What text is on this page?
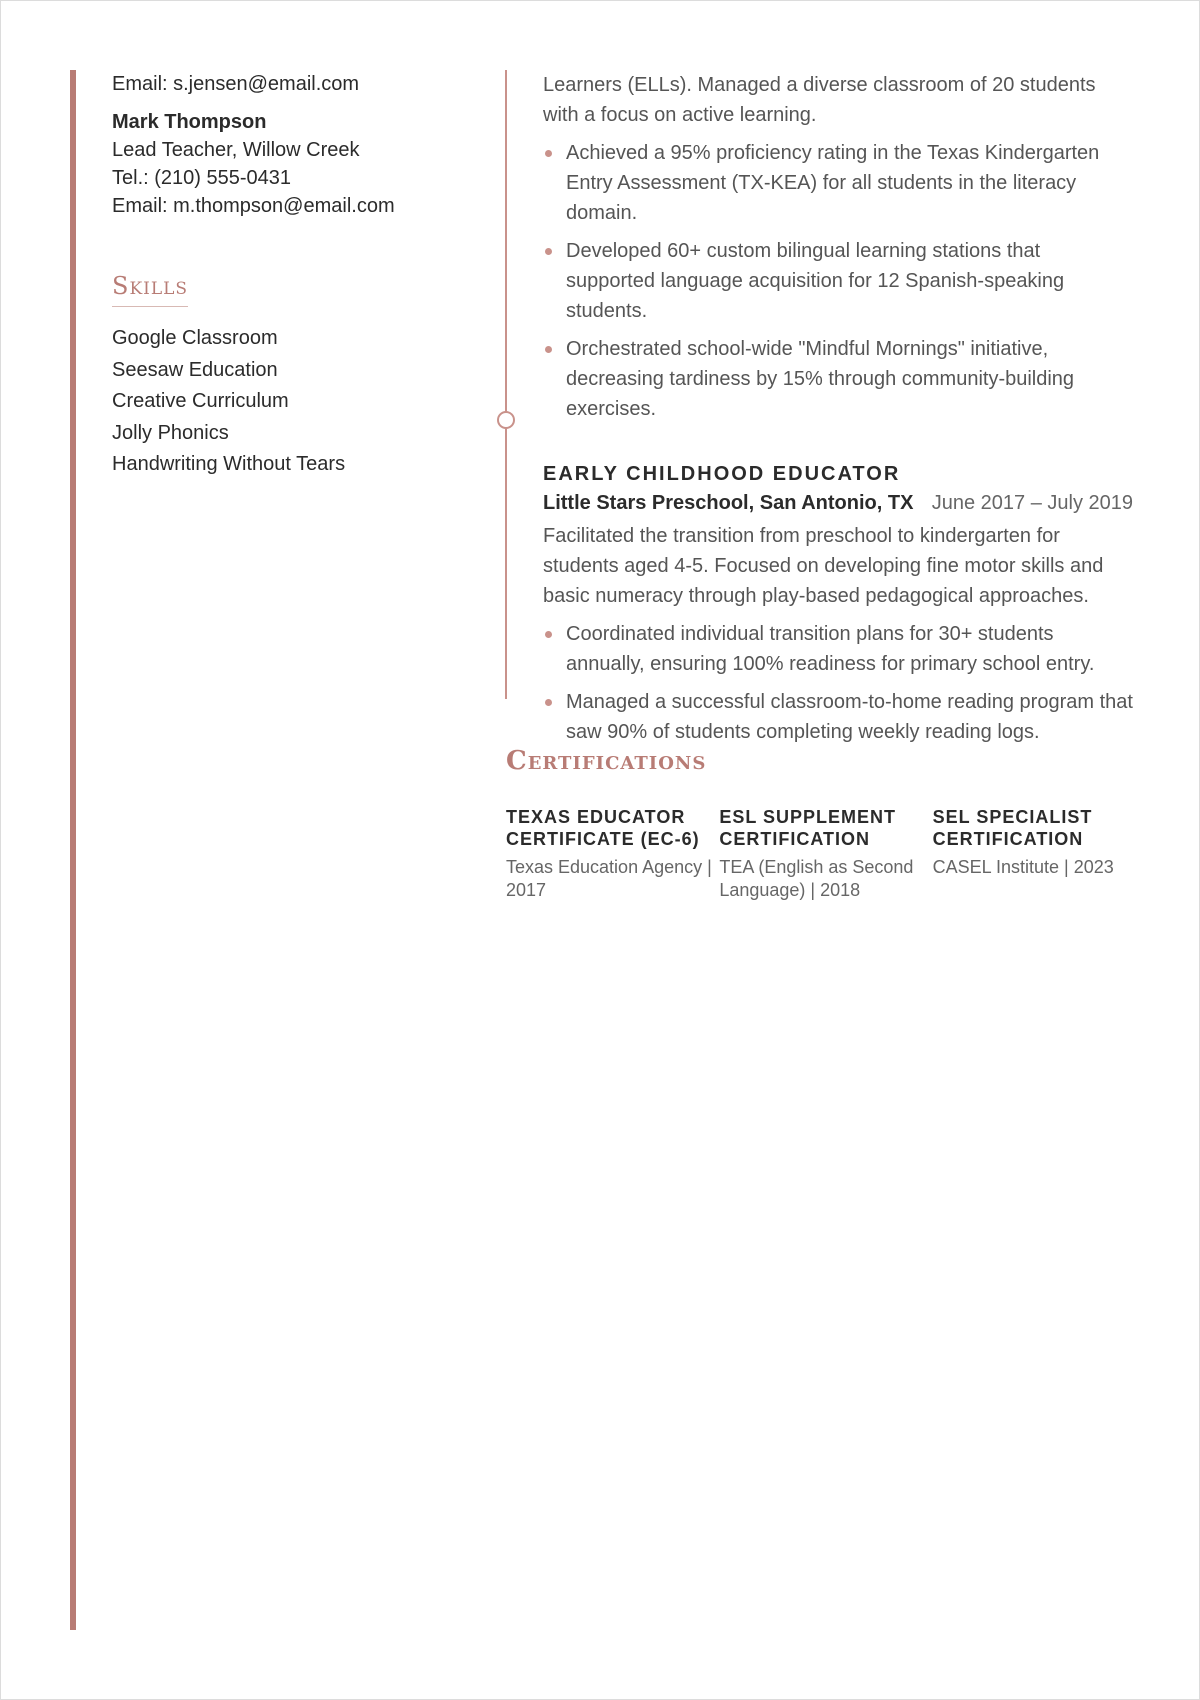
Email: s.jensen@email.com

Mark Thompson

Lead Teacher, Willow Creek

Tel.: (210) 555-0431

Email: m.thompson@email.com

Skills
Google Classroom
Seesaw Education
Creative Curriculum
Jolly Phonics
Handwriting Without Tears

Learners (ELLs). Managed a diverse classroom of 20 students with a focus on active learning.

Achieved a 95% proficiency rating in the Texas Kindergarten Entry Assessment (TX-KEA) for all students in the literacy domain.
Developed 60+ custom bilingual learning stations that supported language acquisition for 12 Spanish-speaking students.
Orchestrated school-wide "Mindful Mornings" initiative, decreasing tardiness by 15% through community-building exercises.
EARLY CHILDHOOD EDUCATOR
Little Stars Preschool, San Antonio, TX June 2017 – July 2019

Facilitated the transition from preschool to kindergarten for students aged 4-5. Focused on developing fine motor skills and basic numeracy through play-based pedagogical approaches.

Coordinated individual transition plans for 30+ students annually, ensuring 100% readiness for primary school entry.
Managed a successful classroom-to-home reading program that saw 90% of students completing weekly reading logs.
Certifications
TEXAS EDUCATOR CERTIFICATE (EC-6)
Texas Education Agency | 2017
ESL SUPPLEMENT CERTIFICATION
TEA (English as Second Language) | 2018
SEL SPECIALIST CERTIFICATION
CASEL Institute | 2023
